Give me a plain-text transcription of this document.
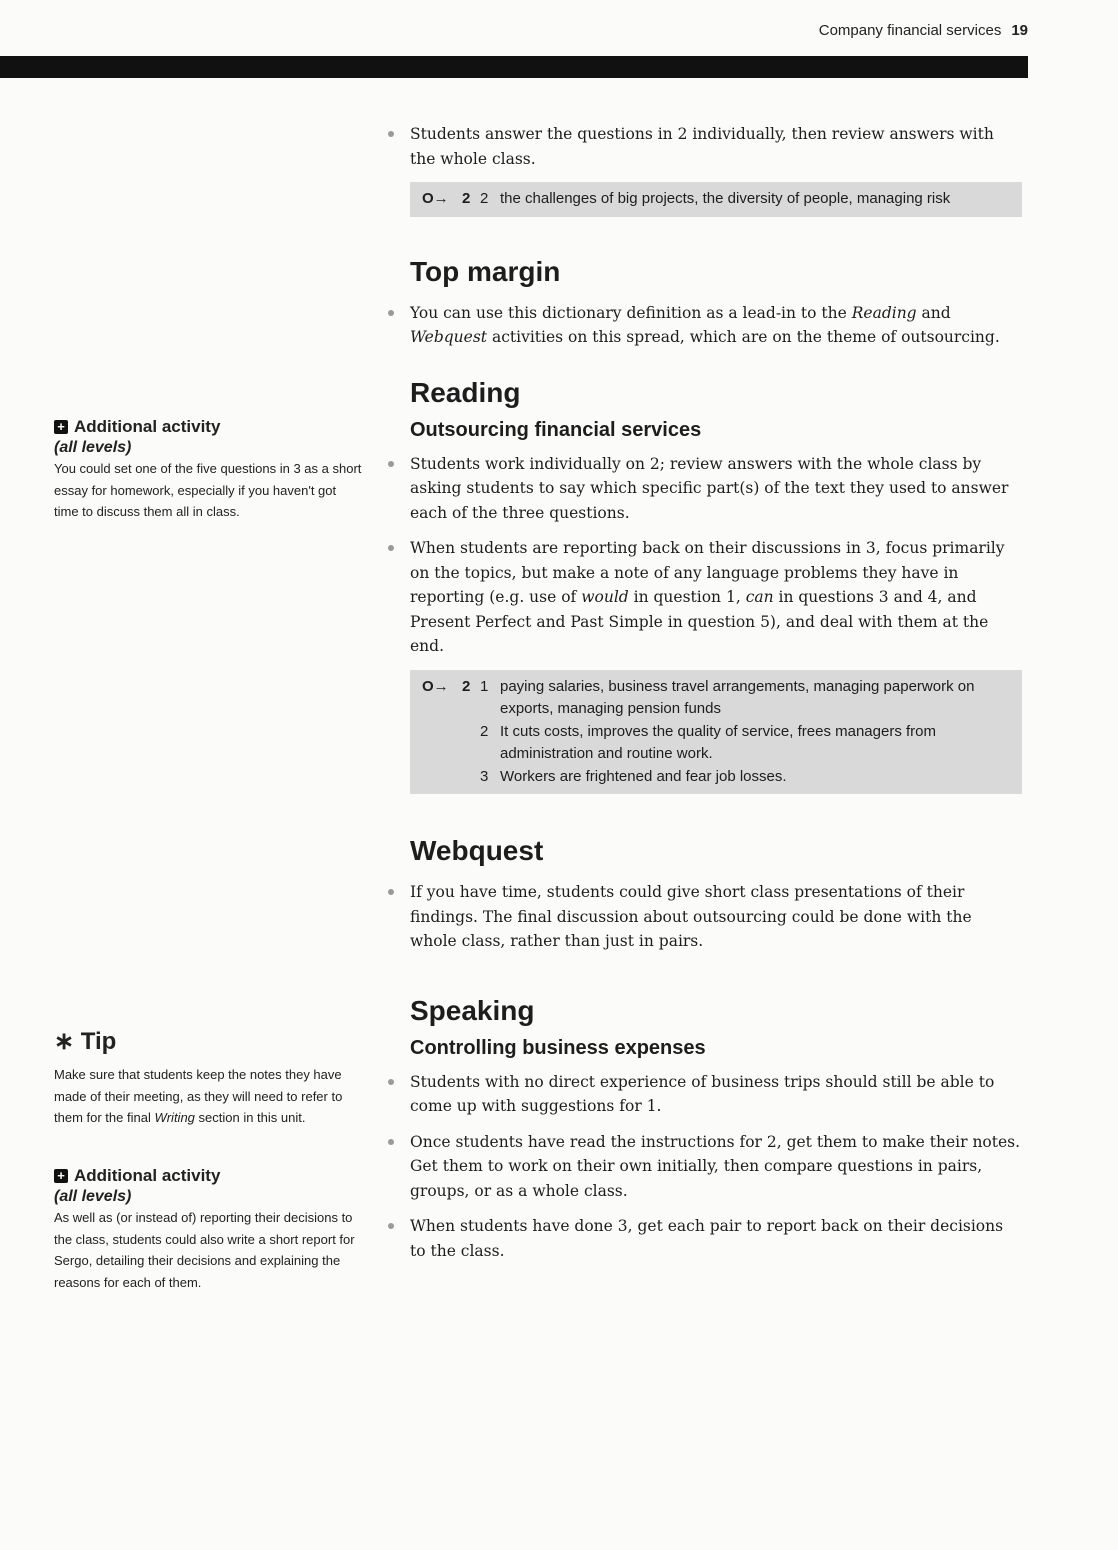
Company financial services 19
+ Additional activity
(all levels)
You could set one of the five questions in 3 as a short essay for homework, especially if you haven't got time to discuss them all in class.
∗ Tip
Make sure that students keep the notes they have made of their meeting, as they will need to refer to them for the final Writing section in this unit.
+ Additional activity
(all levels)
As well as (or instead of) reporting their decisions to the class, students could also write a short report for Sergo, detailing their decisions and explaining the reasons for each of them.
Students answer the questions in 2 individually, then review answers with the whole class.
O→ 2 2 the challenges of big projects, the diversity of people, managing risk
Top margin
You can use this dictionary definition as a lead-in to the Reading and Webquest activities on this spread, which are on the theme of outsourcing.
Reading
Outsourcing financial services
Students work individually on 2; review answers with the whole class by asking students to say which specific part(s) of the text they used to answer each of the three questions.
When students are reporting back on their discussions in 3, focus primarily on the topics, but make a note of any language problems they have in reporting (e.g. use of would in question 1, can in questions 3 and 4, and Present Perfect and Past Simple in question 5), and deal with them at the end.
O→ 2 1 paying salaries, business travel arrangements, managing paperwork on exports, managing pension funds
2 It cuts costs, improves the quality of service, frees managers from administration and routine work.
3 Workers are frightened and fear job losses.
Webquest
If you have time, students could give short class presentations of their findings. The final discussion about outsourcing could be done with the whole class, rather than just in pairs.
Speaking
Controlling business expenses
Students with no direct experience of business trips should still be able to come up with suggestions for 1.
Once students have read the instructions for 2, get them to make their notes. Get them to work on their own initially, then compare questions in pairs, groups, or as a whole class.
When students have done 3, get each pair to report back on their decisions to the class.
